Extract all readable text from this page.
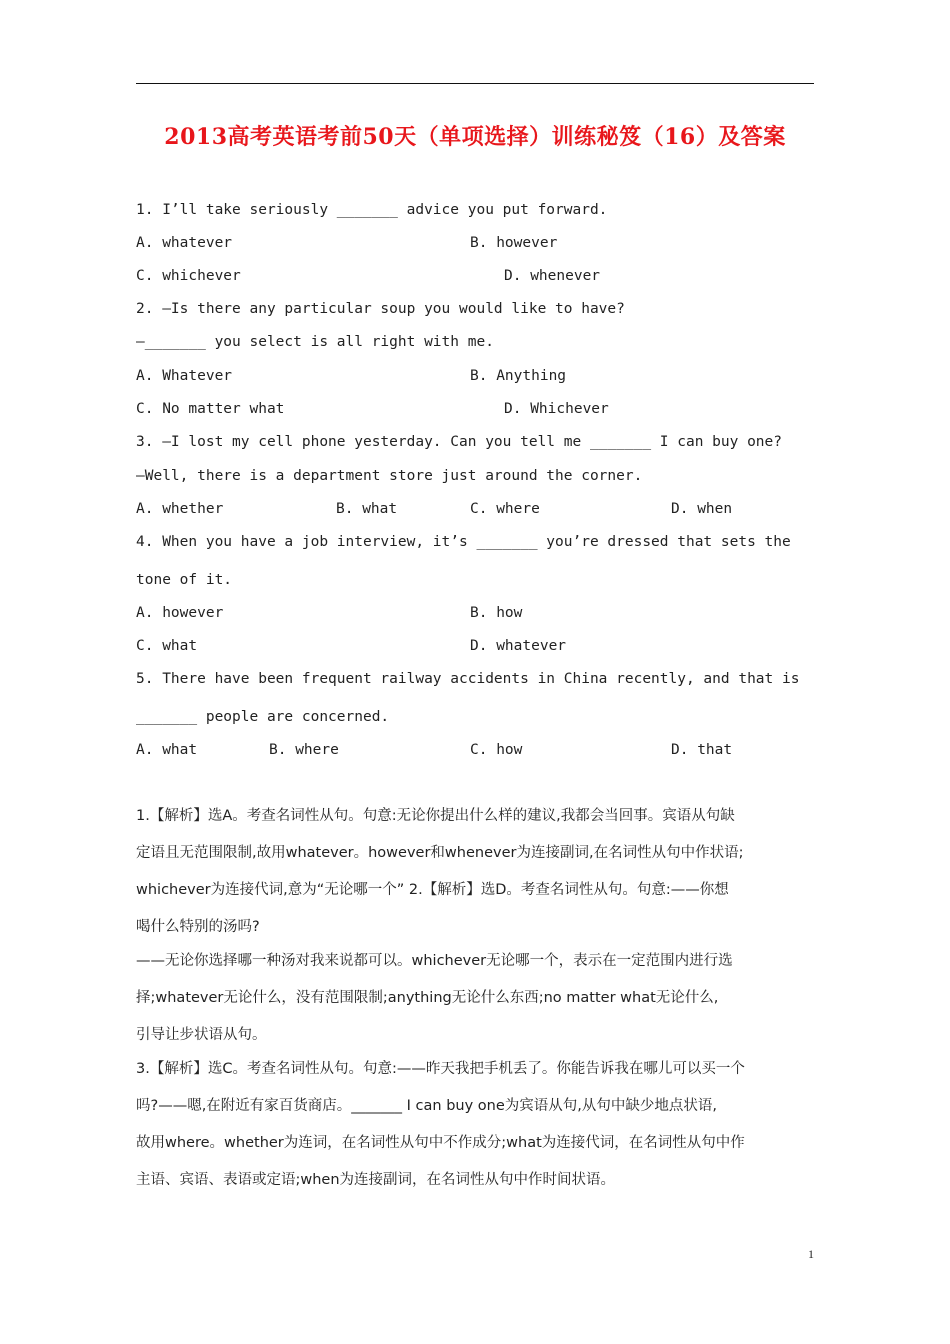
2013高考英语考前50天（单项选择）训练秘笈（16）及答案
1. I’ll take seriously _______ advice you put forward.
A. whatever	B. however
C. whichever	D. whenever
2. —Is there any particular soup you would like to have?
—_______ you select is all right with me.
A. Whatever	B. Anything
C. No matter what	D. Whichever
3. —I lost my cell phone yesterday. Can you tell me _______ I can buy one?
—Well, there is a department store just around the corner.
A. whether	B. what	C. where	D. when
4. When you have a job interview, it’s _______ you’re dressed that sets the
tone of it.
A. however	B. how
C. what	D. whatever
5. There have been frequent railway accidents in China recently, and that is
_______ people are concerned.
A. what	B. where	C. how	D. that
1.【解析】选A。考查名词性从句。句意:无论你提出什么样的建议,我都会当回事。宾语从句缺
定语且无范围限制,故用whatever。however和whenever为连接副词,在名词性从句中作状语;
whichever为连接代词,意为“无论哪一个” 2.【解析】选D。考查名词性从句。句意:——你想
喝什么特别的汤吗?
——无论你选择哪一种汤对我来说都可以。whichever无论哪一个，表示在一定范围内进行选
择;whatever无论什么，没有范围限制;anything无论什么东西;no matter what无论什么,
引导让步状语从句。
3.【解析】选C。考查名词性从句。句意:——昨天我把手机丢了。你能告诉我在哪儿可以买一个
吗?——嗯,在附近有家百货商店。_______ I can buy one为宾语从句,从句中缺少地点状语,
故用where。whether为连词，在名词性从句中不作成分;what为连接代词，在名词性从句中作
主语、宾语、表语或定语;when为连接副词，在名词性从句中作时间状语。
1
